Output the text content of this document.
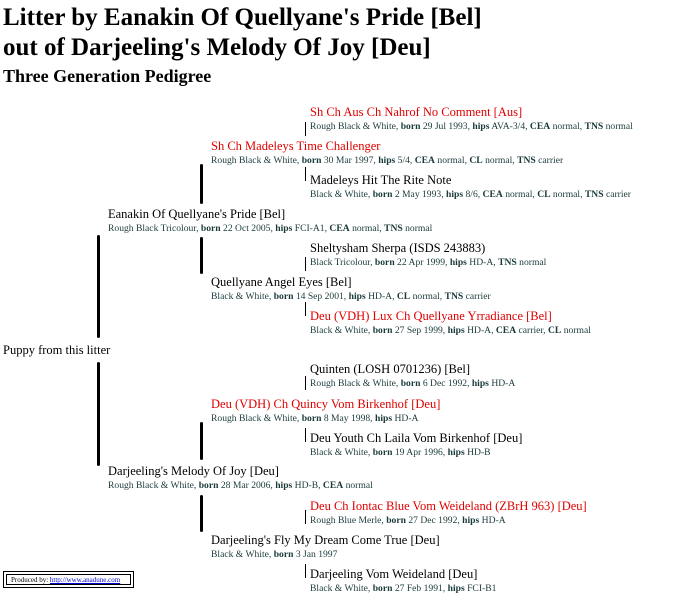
Litter by Eanakin Of Quellyane's Pride [Bel]
out of Darjeeling's Melody Of Joy [Deu]
Three Generation Pedigree
Puppy from this litter
Eanakin Of Quellyane's Pride [Bel]
Rough Black Tricolour, born 22 Oct 2005, hips FCI-A1, CEA normal, TNS normal
Darjeeling's Melody Of Joy [Deu]
Rough Black & White, born 28 Mar 2006, hips HD-B, CEA normal
Sh Ch Madeleys Time Challenger
Rough Black & White, born 30 Mar 1997, hips 5/4, CEA normal, CL normal, TNS carrier
Quellyane Angel Eyes [Bel]
Black & White, born 14 Sep 2001, hips HD-A, CL normal, TNS carrier
Deu (VDH) Ch Quincy Vom Birkenhof [Deu]
Rough Black & White, born 8 May 1998, hips HD-A
Darjeeling's Fly My Dream Come True [Deu]
Black & White, born 3 Jan 1997
Sh Ch Aus Ch Nahrof No Comment [Aus]
Rough Black & White, born 29 Jul 1993, hips AVA-3/4, CEA normal, TNS normal
Madeleys Hit The Rite Note
Black & White, born 2 May 1993, hips 8/6, CEA normal, CL normal, TNS carrier
Sheltysham Sherpa (ISDS 243883)
Black Tricolour, born 22 Apr 1999, hips HD-A, TNS normal
Deu (VDH) Lux Ch Quellyane Yrradiance [Bel]
Black & White, born 27 Sep 1999, hips HD-A, CEA carrier, CL normal
Quinten (LOSH 0701236) [Bel]
Rough Black & White, born 6 Dec 1992, hips HD-A
Deu Youth Ch Laila Vom Birkenhof [Deu]
Black & White, born 19 Apr 1996, hips HD-B
Deu Ch Iontac Blue Vom Weideland (ZBrH 963) [Deu]
Rough Blue Merle, born 27 Dec 1992, hips HD-A
Darjeeling Vom Weideland [Deu]
Black & White, born 27 Feb 1991, hips FCI-B1
Produced by: http://www.anadune.com
